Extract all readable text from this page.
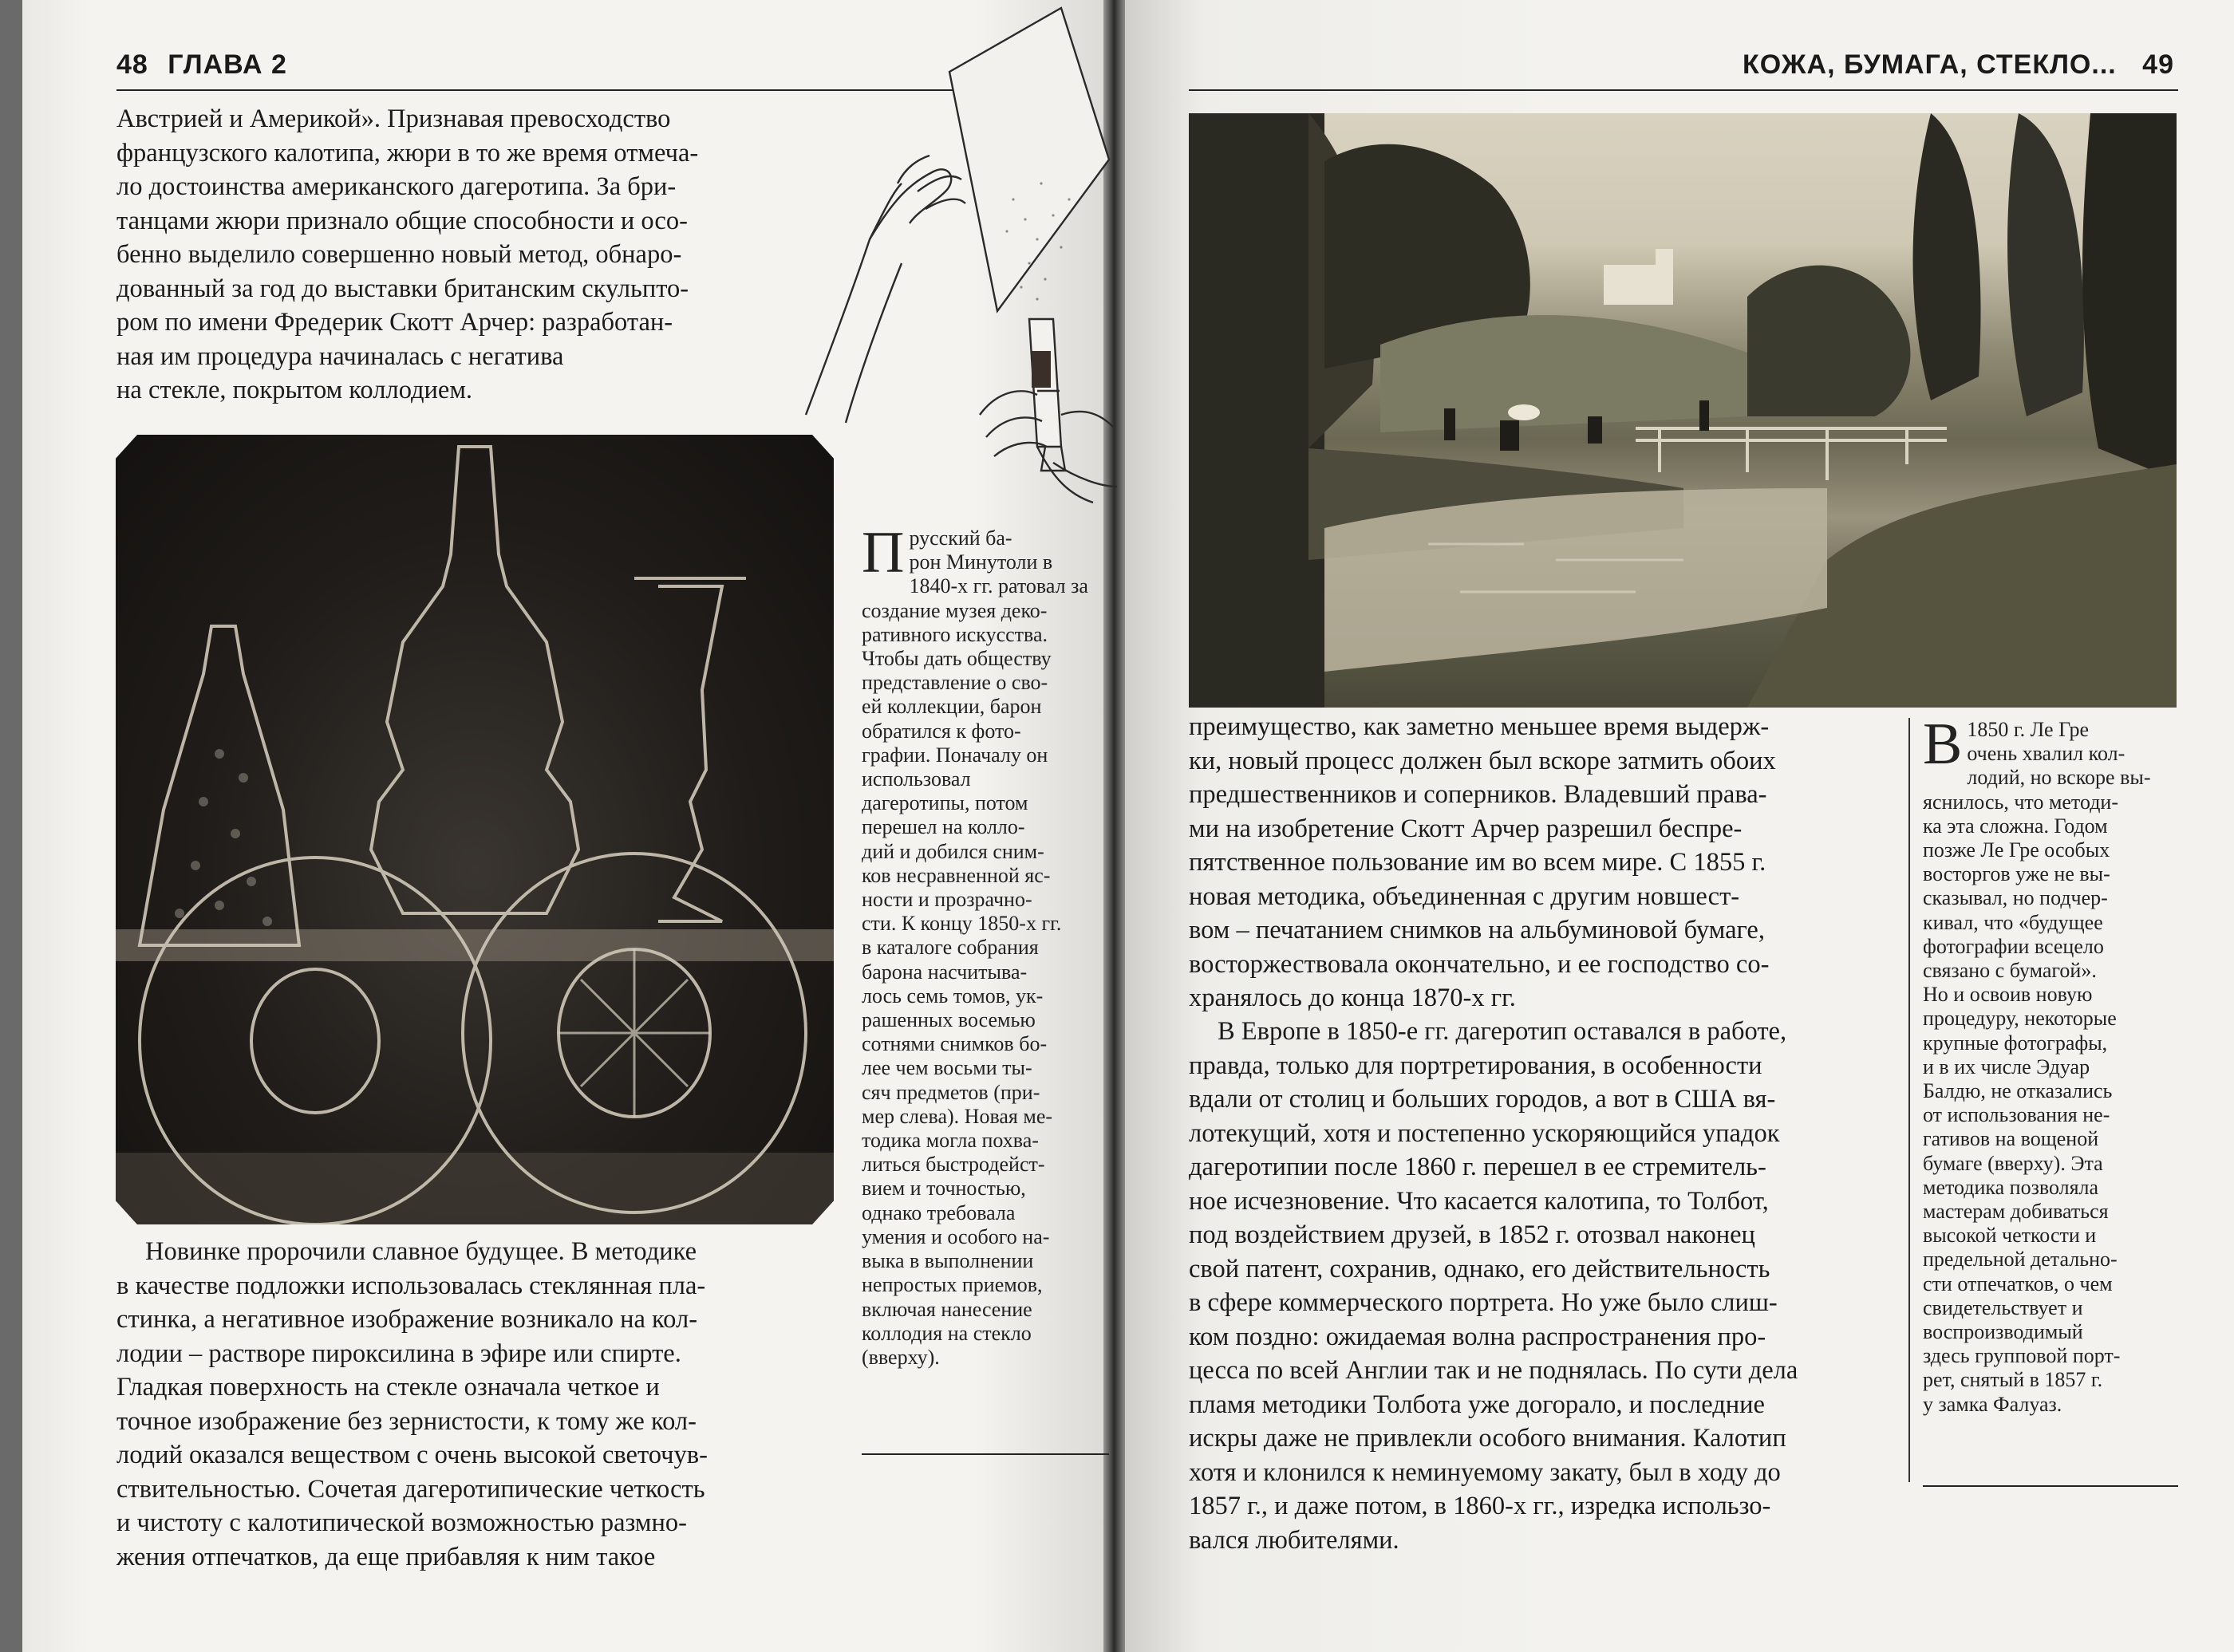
48 ГЛАВА 2
Австрией и Америкой». Признавая превосходство
французского калотипа, жюри в то же время отмеча-
ло достоинства американского дагеротипа. За бри-
танцами жюри признало общие способности и осо-
бенно выделило совершенно новый метод, обнаро-
дованный за год до выставки британским скульпто-
ром по имени Фредерик Скотт Арчер: разработан-
ная им процедура начиналась с негатива
на стекле, покрытом коллодием.
П русский ба-
рон Минутоли в
1840-х гг. ратовал за
создание музея деко-
ративного искусства.
Чтобы дать обществу
представление о сво-
ей коллекции, барон
обратился к фото-
графии. Поначалу он
использовал
дагеротипы, потом
перешел на колло-
дий и добился сним-
ков несравненной яс-
ности и прозрачно-
сти. К концу 1850-х гг.
в каталоге собрания
барона насчитыва-
лось семь томов, ук-
рашенных восемью
сотнями снимков бо-
лее чем восьми ты-
сяч предметов (при-
мер слева). Новая ме-
тодика могла похва-
литься быстродейст-
вием и точностью,
однако требовала
умения и особого на-
выка в выполнении
непростых приемов,
включая нанесение
коллодия на стекло
(вверху).
Новинке пророчили славное будущее. В методике
в качестве подложки использовалась стеклянная пла-
стинка, а негативное изображение возникало на кол-
лодии – растворе пироксилина в эфире или спирте.
Гладкая поверхность на стекле означала четкое и
точное изображение без зернистости, к тому же кол-
лодий оказался веществом с очень высокой светочув-
ствительностью. Сочетая дагеротипические четкость
и чистоту с калотипической возможностью размно-
жения отпечатков, да еще прибавляя к ним такое
КОЖА, БУМАГА, СТЕКЛО... 49
преимущество, как заметно меньшее время выдерж-
ки, новый процесс должен был вскоре затмить обоих
предшественников и соперников. Владевший права-
ми на изобретение Скотт Арчер разрешил беспре-
пятственное пользование им во всем мире. С 1855 г.
новая методика, объединенная с другим новшест-
вом – печатанием снимков на альбуминовой бумаге,
восторжествовала окончательно, и ее господство со-
хранялось до конца 1870-х гг.
В Европе в 1850-е гг. дагеротип оставался в работе,
правда, только для портретирования, в особенности
вдали от столиц и больших городов, а вот в США вя-
лотекущий, хотя и постепенно ускоряющийся упадок
дагеротипии после 1860 г. перешел в ее стремитель-
ное исчезновение. Что касается калотипа, то Толбот,
под воздействием друзей, в 1852 г. отозвал наконец
свой патент, сохранив, однако, его действительность
в сфере коммерческого портрета. Но уже было слиш-
ком поздно: ожидаемая волна распространения про-
цесса по всей Англии так и не поднялась. По сути дела
пламя методики Толбота уже догорало, и последние
искры даже не привлекли особого внимания. Калотип
хотя и клонился к неминуемому закату, был в ходу до
1857 г., и даже потом, в 1860-х гг., изредка использо-
вался любителями.
В 1850 г. Ле Гре
очень хвалил кол-
лодий, но вскоре вы-
яснилось, что методи-
ка эта сложна. Годом
позже Ле Гре особых
восторгов уже не вы-
сказывал, но подчер-
кивал, что «будущее
фотографии всецело
связано с бумагой».
Но и освоив новую
процедуру, некоторые
крупные фотографы,
и в их числе Эдуар
Балдю, не отказались
от использования не-
гативов на вощеной
бумаге (вверху). Эта
методика позволяла
мастерам добиваться
высокой четкости и
предельной детально-
сти отпечатков, о чем
свидетельствует и
воспроизводимый
здесь групповой порт-
рет, снятый в 1857 г.
у замка Фалуаз.
